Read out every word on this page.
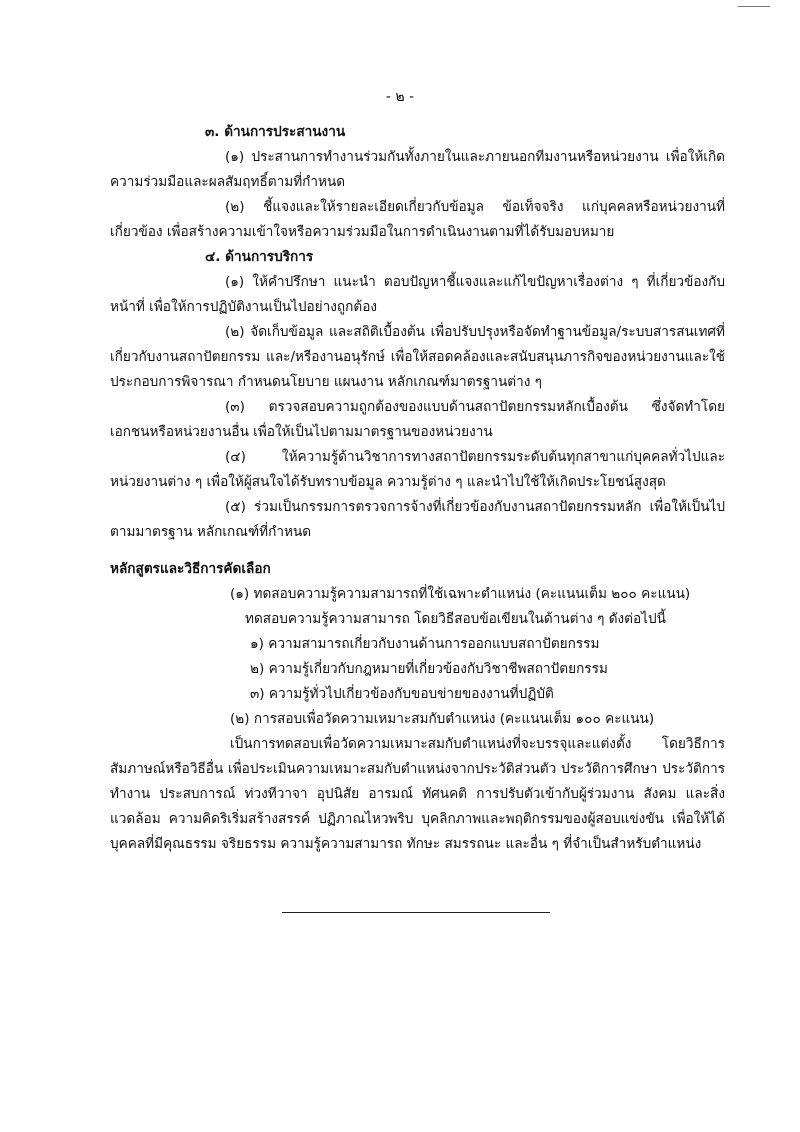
- ๒ -

๓. ด้านการประสานงาน

(๑) ประสานการทำงานร่วมกันทั้งภายในและภายนอกทีมงานหรือหน่วยงาน เพื่อให้เกิดความร่วมมือและผลสัมฤทธิ์ตามที่กำหนด

(๒) ชี้แจงและให้รายละเอียดเกี่ยวกับข้อมูล ข้อเท็จจริง แก่บุคคลหรือหน่วยงานที่เกี่ยวข้อง เพื่อสร้างความเข้าใจหรือความร่วมมือในการดำเนินงานตามที่ได้รับมอบหมาย

๔. ด้านการบริการ

(๑) ให้คำปรึกษา แนะนำ ตอบปัญหาชี้แจงและแก้ไขปัญหาเรื่องต่าง ๆ ที่เกี่ยวข้องกับหน้าที่ เพื่อให้การปฏิบัติงานเป็นไปอย่างถูกต้อง

(๒) จัดเก็บข้อมูล และสถิติเบื้องต้น เพื่อปรับปรุงหรือจัดทำฐานข้อมูล/ระบบสารสนเทศที่เกี่ยวกับงานสถาปัตยกรรม และ/หรืองานอนุรักษ์ เพื่อให้สอดคล้องและสนับสนุนภารกิจของหน่วยงานและใช้ประกอบการพิจารณา กำหนดนโยบาย แผนงาน หลักเกณฑ์มาตรฐานต่าง ๆ

(๓) ตรวจสอบความถูกต้องของแบบด้านสถาปัตยกรรมหลักเบื้องต้น ซึ่งจัดทำโดยเอกชนหรือหน่วยงานอื่น เพื่อให้เป็นไปตามมาตรฐานของหน่วยงาน

(๔) ให้ความรู้ด้านวิชาการทางสถาปัตยกรรมระดับต้นทุกสาขาแก่บุคคลทั่วไปและหน่วยงานต่าง ๆ เพื่อให้ผู้สนใจได้รับทราบข้อมูล ความรู้ต่าง ๆ และนำไปใช้ให้เกิดประโยชน์สูงสุด

(๕) ร่วมเป็นกรรมการตรวจการจ้างที่เกี่ยวข้องกับงานสถาปัตยกรรมหลัก เพื่อให้เป็นไปตามมาตรฐาน หลักเกณฑ์ที่กำหนด

หลักสูตรและวิธีการคัดเลือก

(๑) ทดสอบความรู้ความสามารถที่ใช้เฉพาะตำแหน่ง (คะแนนเต็ม ๒๐๐ คะแนน)

ทดสอบความรู้ความสามารถ โดยวิธีสอบข้อเขียนในด้านต่าง ๆ ดังต่อไปนี้

๑) ความสามารถเกี่ยวกับงานด้านการออกแบบสถาปัตยกรรม

๒) ความรู้เกี่ยวกับกฎหมายที่เกี่ยวข้องกับวิชาชีพสถาปัตยกรรม

๓) ความรู้ทั่วไปเกี่ยวข้องกับขอบข่ายของงานที่ปฏิบัติ

(๒) การสอบเพื่อวัดความเหมาะสมกับตำแหน่ง (คะแนนเต็ม ๑๐๐ คะแนน)

เป็นการทดสอบเพื่อวัดความเหมาะสมกับตำแหน่งที่จะบรรจุและแต่งตั้ง โดยวิธีการสัมภาษณ์หรือวิธีอื่น เพื่อประเมินความเหมาะสมกับตำแหน่งจากประวัติส่วนตัว ประวัติการศึกษา ประวัติการทำงาน ประสบการณ์ ท่วงทีวาจา อุปนิสัย อารมณ์ ทัศนคติ การปรับตัวเข้ากับผู้ร่วมงาน สังคม และสิ่งแวดล้อม ความคิดริเริ่มสร้างสรรค์ ปฏิภาณไหวพริบ บุคลิกภาพและพฤติกรรมของผู้สอบแข่งขัน เพื่อให้ได้บุคคลที่มีคุณธรรม จริยธรรม ความรู้ความสามารถ ทักษะ สมรรถนะ และอื่น ๆ ที่จำเป็นสำหรับตำแหน่ง
